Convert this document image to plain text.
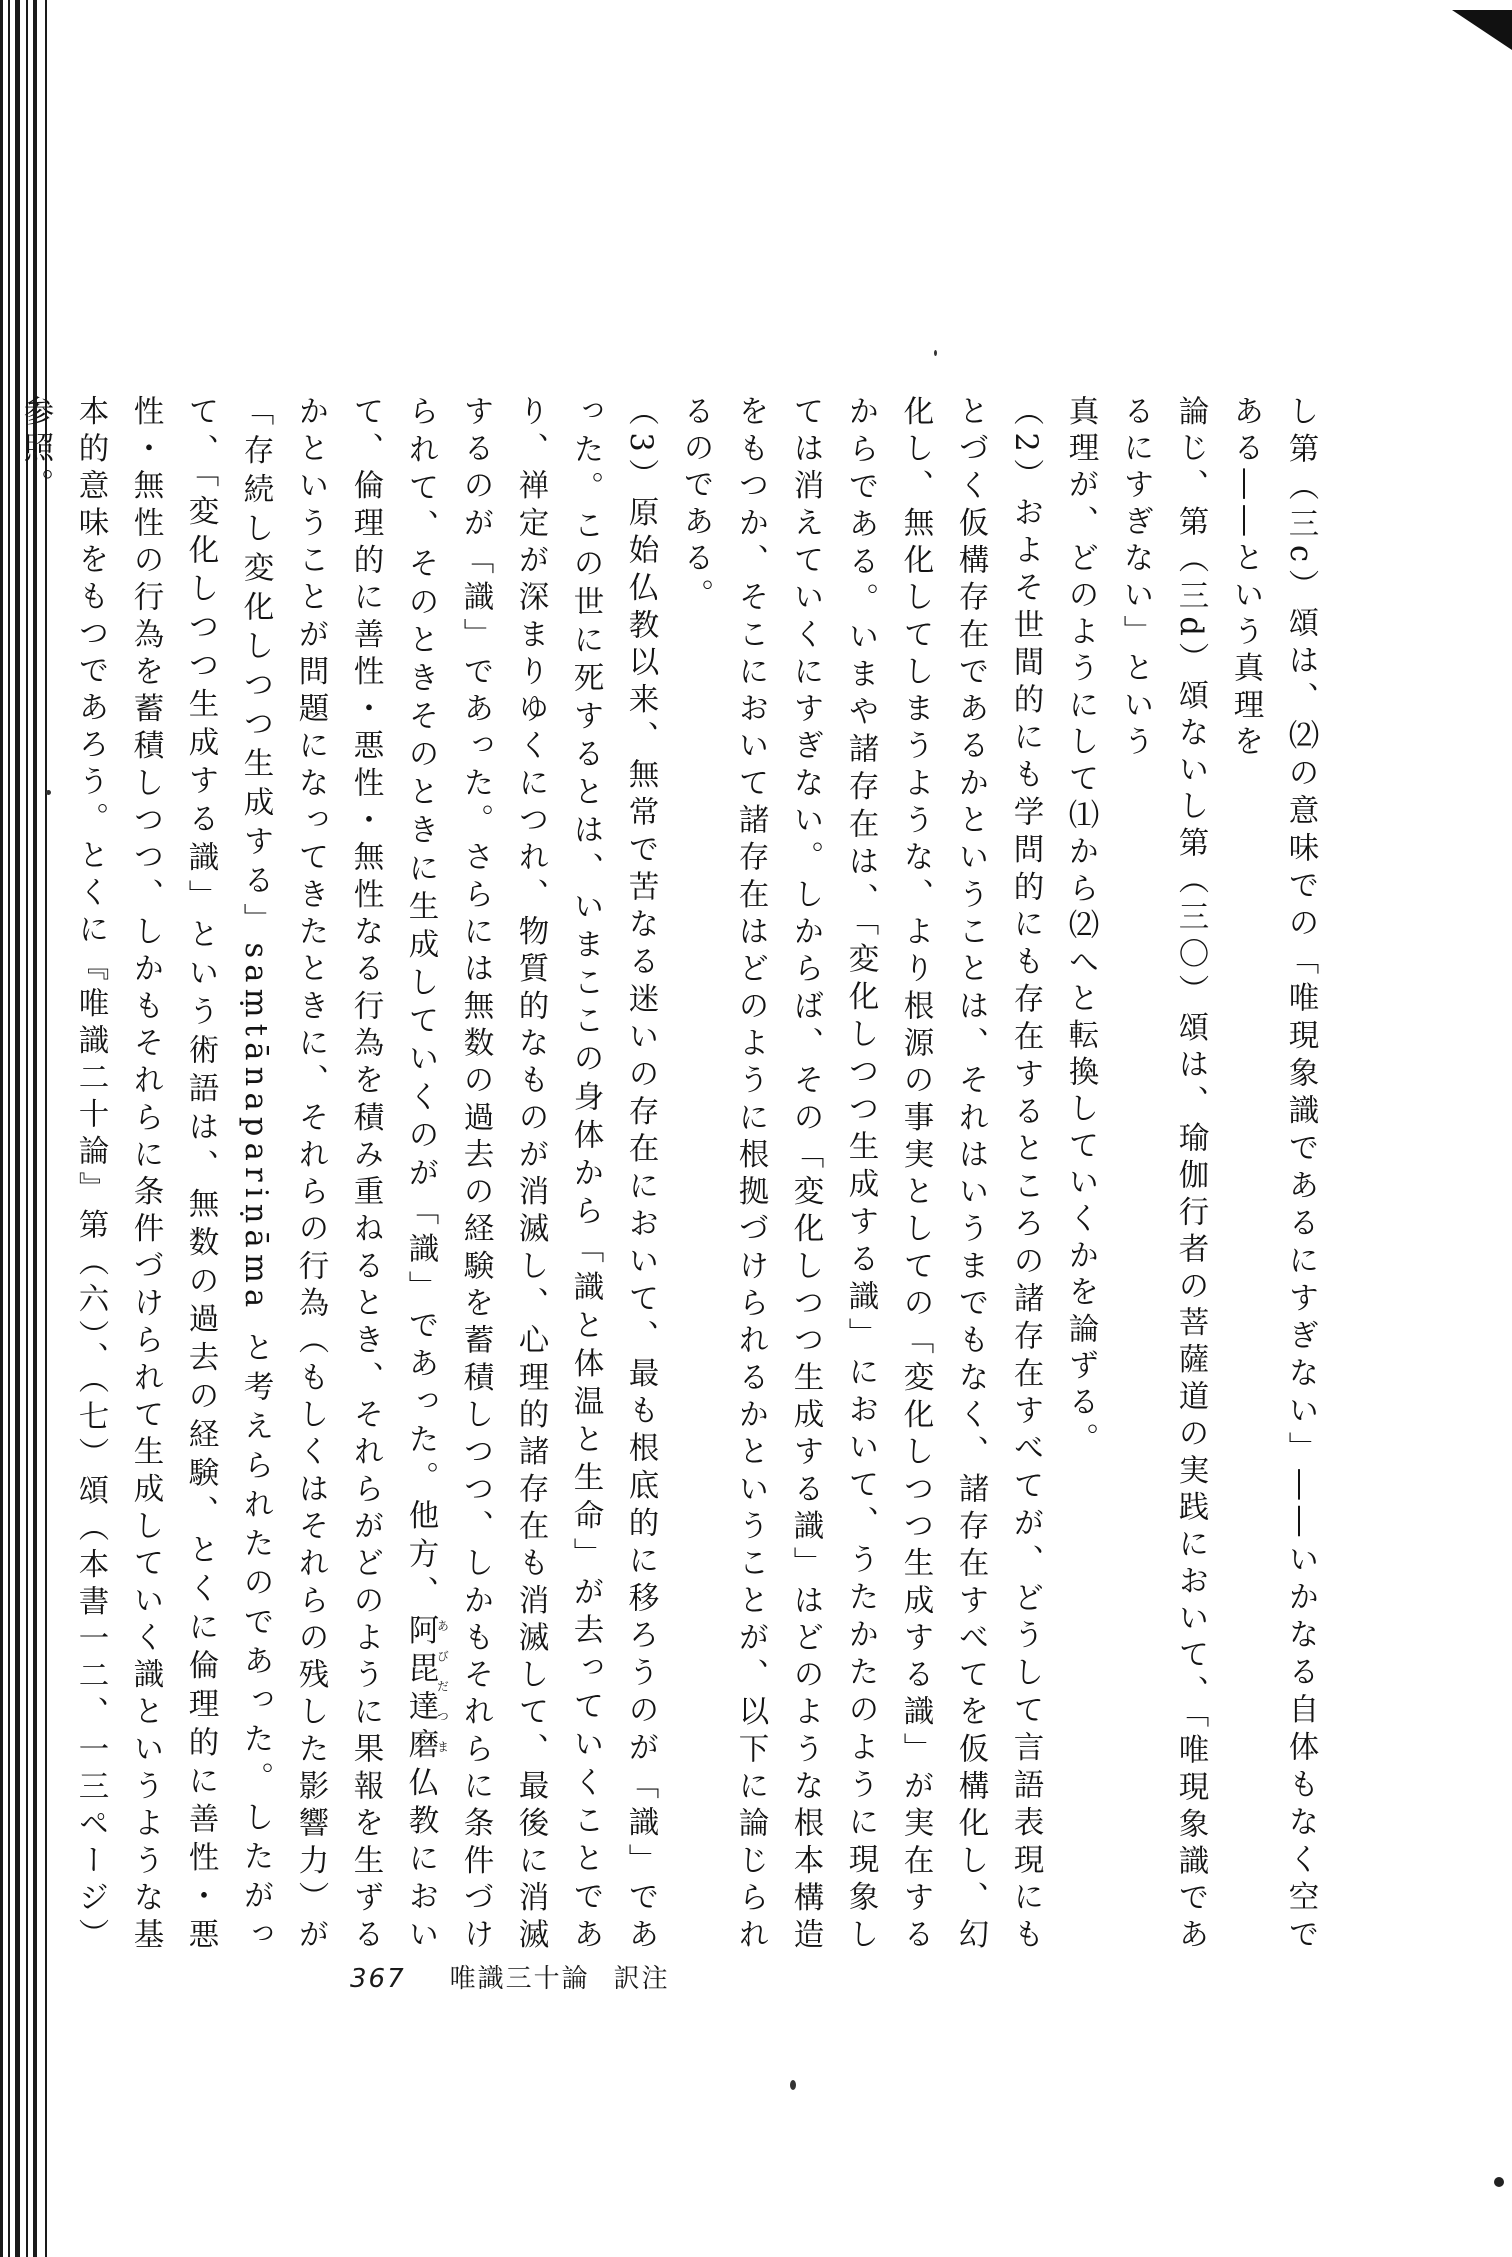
し第（三c）頌は、⑵の意味での「唯現象識であるにすぎない」――いかなる自体もなく空である――という真理を

論じ、第（三d）頌ないし第（三〇）頌は、瑜伽行者の菩薩道の実践において、「唯現象識であるにすぎない」という

真理が、どのようにして⑴から⑵へと転換していくかを論ずる。

（2）およそ世間的にも学問的にも存在するところの諸存在すべてが、どうして言語表現にもとづく仮構存在であるかということは、それはいうまでもなく、諸存在すべてを仮構化し、幻化し、無化してしまうような、より根源の事実としての「変化しつつ生成する識」が実在するからである。いまや諸存在は、「変化しつつ生成する識」において、うたかたのように現象しては消えていくにすぎない。しからば、その「変化しつつ生成する識」はどのような根本構造をもつか、そこにおいて諸存在はどのように根拠づけられるかということが、以下に論じられるのである。

（3）原始仏教以来、無常で苦なる迷いの存在において、最も根底的に移ろうのが「識」であった。この世に死するとは、いまここの身体から「識と体温と生命」が去っていくことであり、禅定が深まりゆくにつれ、物質的なものが消滅し、心理的諸存在も消滅して、最後に消滅するのが「識」であった。さらには無数の過去の経験を蓄積しつつ、しかもそれらに条件づけられて、そのときそのときに生成していくのが「識」であった。他方、阿毘達磨あびだつま仏教において、倫理的に善性・悪性・無性なる行為を積み重ねるとき、それらがどのように果報を生ずるかということが問題になってきたときに、それらの行為（もしくはそれらの残した影響力）が「存続し変化しつつ生成する」saṃtānapariṇāma と考えられたのであった。したがって、「変化しつつ生成する識」という術語は、無数の過去の経験、とくに倫理的に善性・悪性・無性の行為を蓄積しつつ、しかもそれらに条件づけられて生成していく識というような基本的意味をもつであろう。とくに『唯識二十論』第（六）、（七）頌（本書一二、一三ページ）参照。

367 唯識三十論 訳注
